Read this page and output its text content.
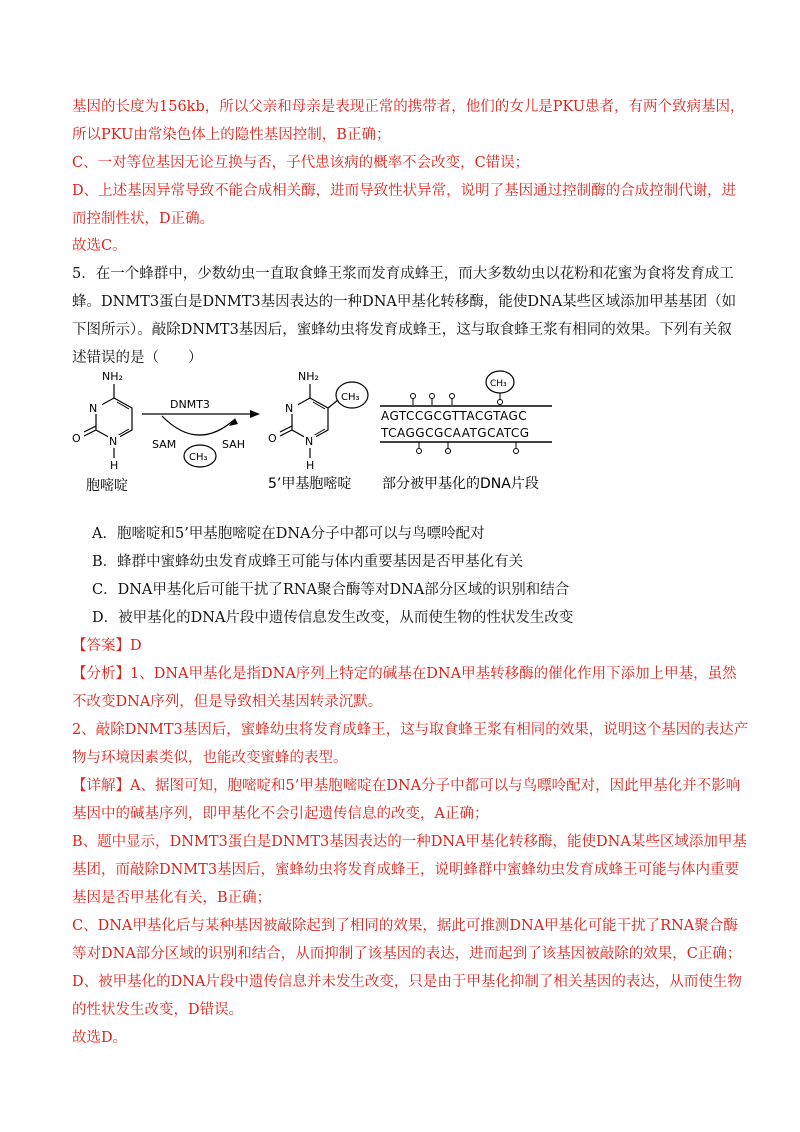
基因的长度为156kb，所以父亲和母亲是表现正常的携带者，他们的女儿是PKU患者，有两个致病基因，
所以PKU由常染色体上的隐性基因控制，B正确；
C、一对等位基因无论互换与否，子代患该病的概率不会改变，C错误；
D、上述基因异常导致不能合成相关酶，进而导致性状异常，说明了基因通过控制酶的合成控制代谢，进
而控制性状，D正确。
故选C。
5．在一个蜂群中，少数幼虫一直取食蜂王浆而发育成蜂王，而大多数幼虫以花粉和花蜜为食将发育成工
蜂。DNMT3蛋白是DNMT3基因表达的一种DNA甲基化转移酶，能使DNA某些区域添加甲基基团（如
下图所示）。敲除DNMT3基因后，蜜蜂幼虫将发育成蜂王，这与取食蜂王浆有相同的效果。下列有关叙
述错误的是（　　）
NH₂
N
N
O
H
DNMT3
SAM	SAH
CH₃
NH₂
N
N
O
H
CH₃
CH₃
AGTCCGCGTTACGTAGC
TCAGGCGCAATGCATCG
胞嘧啶	5’甲基胞嘧啶 部分被甲基化的DNA片段
A．胞嘧啶和5’甲基胞嘧啶在DNA分子中都可以与鸟嘌呤配对
B．蜂群中蜜蜂幼虫发育成蜂王可能与体内重要基因是否甲基化有关
C．DNA甲基化后可能干扰了RNA聚合酶等对DNA部分区域的识别和结合
D．被甲基化的DNA片段中遗传信息发生改变，从而使生物的性状发生改变
【答案】D
【分析】1、DNA甲基化是指DNA序列上特定的碱基在DNA甲基转移酶的催化作用下添加上甲基，虽然
不改变DNA序列，但是导致相关基因转录沉默。
2、敲除DNMT3基因后，蜜蜂幼虫将发育成蜂王，这与取食蜂王浆有相同的效果，说明这个基因的表达产
物与环境因素类似，也能改变蜜蜂的表型。
【详解】A、据图可知，胞嘧啶和5’甲基胞嘧啶在DNA分子中都可以与鸟嘌呤配对，因此甲基化并不影响
基因中的碱基序列，即甲基化不会引起遗传信息的改变，A正确；
B、题中显示，DNMT3蛋白是DNMT3基因表达的一种DNA甲基化转移酶，能使DNA某些区域添加甲基
基团，而敲除DNMT3基因后，蜜蜂幼虫将发育成蜂王，说明蜂群中蜜蜂幼虫发育成蜂王可能与体内重要
基因是否甲基化有关，B正确；
C、DNA甲基化后与某种基因被敲除起到了相同的效果，据此可推测DNA甲基化可能干扰了RNA聚合酶
等对DNA部分区域的识别和结合，从而抑制了该基因的表达，进而起到了该基因被敲除的效果，C正确；
D、被甲基化的DNA片段中遗传信息并未发生改变，只是由于甲基化抑制了相关基因的表达，从而使生物
的性状发生改变，D错误。
故选D。
